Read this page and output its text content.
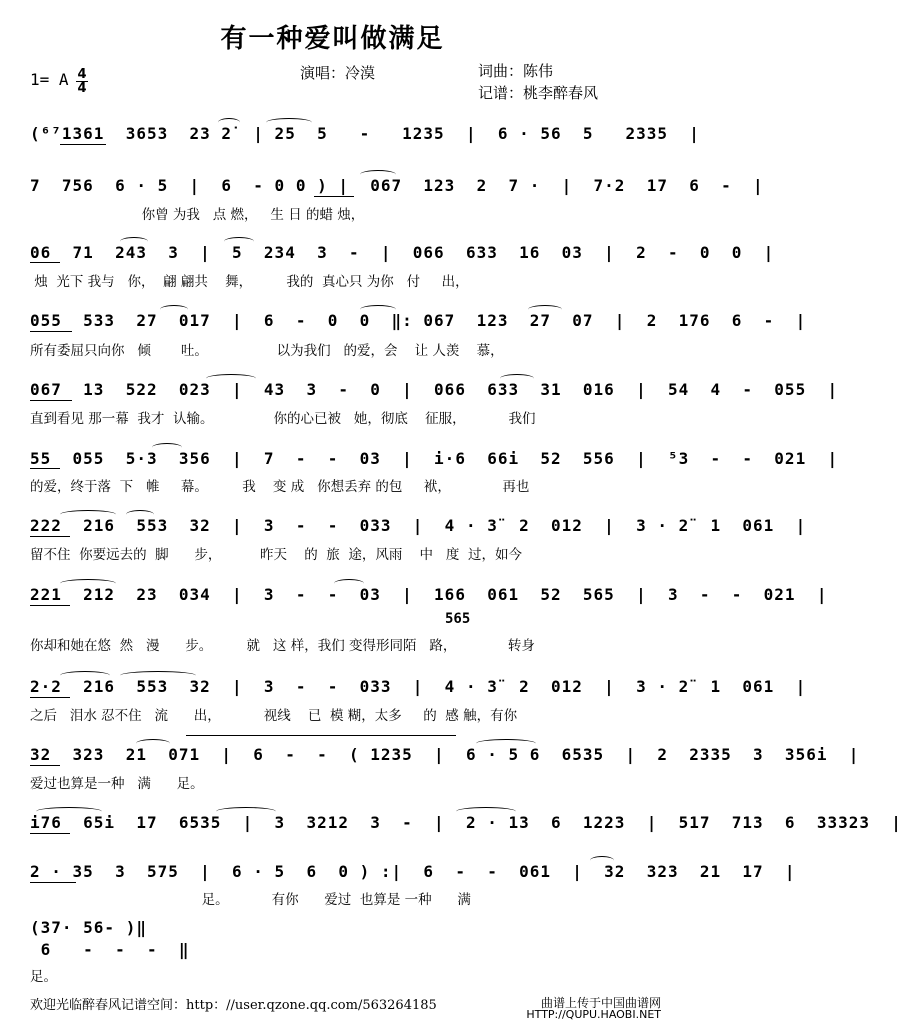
有一种爱叫做满足
演唱：冷漠	词曲：陈伟
记谱：桃李醉春风
1= A 4
4
(⁶⁷1361  3653  23 2̇  | 25  5   -   1235  |  6 · 56  5   2335  |
7  756  6 · 5  |  6  - 0 0 ) |  067  123  2  7 ·  |  7·2  17  6  -  |
你曾 为我   点 燃，   生 日 的蜡 烛，
06  71  243  3  |  5  234  3  -  |  066  633  16  03  |  2  -  0  0  |
烛  光下 我与   你，  翩 翩共    舞，        我的  真心只 为你   付     出，
055  533  27  017  |  6  -  0  0  ‖: 067  123  27  07  |  2  176  6  -  |
所有委屈只向你   倾       吐。                以为我们   的爱，会    让 人羡    慕，
067  13  522  023  |  43  3  -  0  |  066  633  31  016  |  54  4  -  055  |
直到看见 那一幕  我才  认输。              你的心已被   她，彻底    征服，          我们
55  055  5·3  356  |  7  -  -  03  |  i·6  66i  52  556  |  ⁵3  -  -  021  |
的爱，终于落  下   帷     幕。        我    变 成   你想丢弃 的包     袱，            再也
222  216  553  32  |  3  -  -  033  |  4 · 3̈  2  012  |  3 · 2̈  1  061  |
留不住  你要远去的  脚      步，         昨天    的  旅  途，风雨    中   度  过，如今
221  212  23  034  |  3  -  -  03  |  166  061  52  565  |  3  -  -  021  |
565
你却和她在悠  然   漫      步。        就   这 样，我们 变得形同陌   路，            转身
2·2  216  553  32  |  3  -  -  033  |  4 · 3̈  2  012  |  3 · 2̈  1  061  |
之后   泪水 忍不住   流      出，          视线    已  模 糊，太多     的  感 触，有你
32  323  21  071  |  6  -  -  ( 1235  |  6 · 5 6  6535  |  2  2335  3  356i  |
爱过也算是一种   满      足。
i76  65i  17  6535  |  3  3212  3  -  |  2 · 13  6  1223  |  517  713  6  33323  |
2 · 35  3  575  |  6 · 5  6  0 ) :|  6  -  -  061  |  32  323  21  17  |
足。          有你      爱过  也算是 一种      满
(37· 56- )‖
6   -  -  -  ‖
足。
欢迎光临醉春风记谱空间：http：//user.qzone.qq.com/563264185	曲谱上传于中国曲谱网
HTTP://QUPU.HAOBI.NET
